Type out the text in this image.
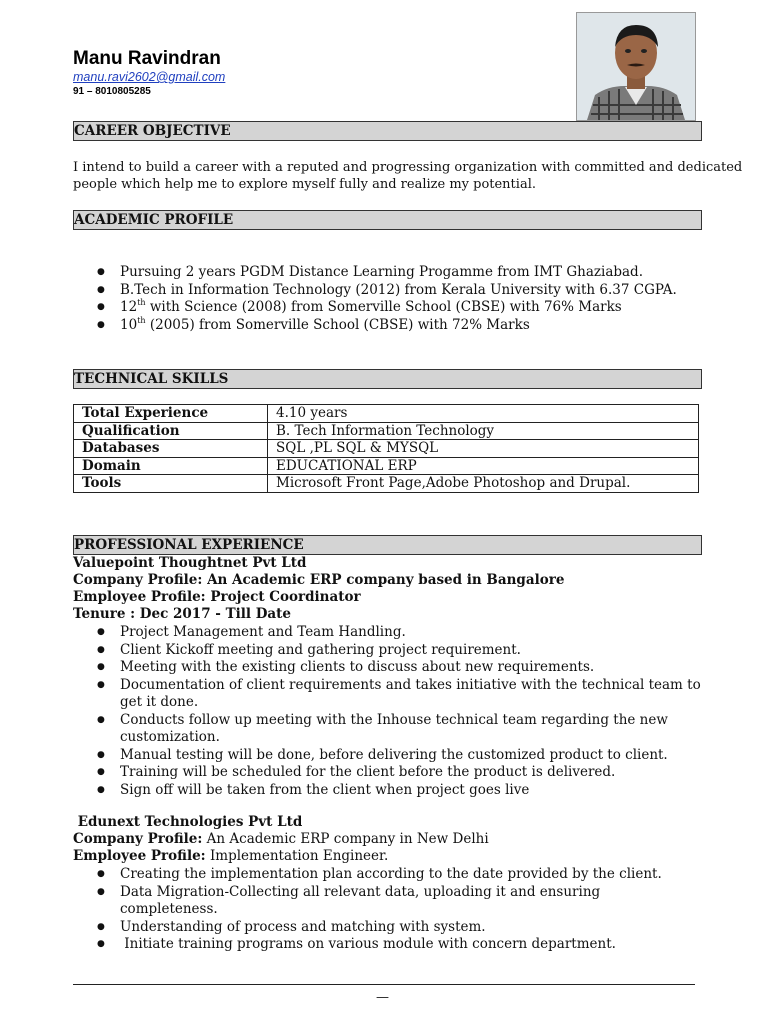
Manu Ravindran
manu.ravi2602@gmail.com
91 – 8010805285
CAREER OBJECTIVE
I intend to build a career with a reputed and progressing organization with committed and dedicated
people which help me to explore myself fully and realize my potential.
ACADEMIC PROFILE
● Pursuing 2 years PGDM Distance Learning Progamme from IMT Ghaziabad.
● B.Tech in Information Technology (2012) from Kerala University with 6.37 CGPA.
● 12th with Science (2008) from Somerville School (CBSE) with 76% Marks
● 10th (2005) from Somerville School (CBSE) with 72% Marks
TECHNICAL SKILLS
Total Experience	4.10 years
Qualification	B. Tech Information Technology
Databases	SQL ,PL SQL & MYSQL
Domain	EDUCATIONAL ERP
Tools	Microsoft Front Page,Adobe Photoshop and Drupal.
PROFESSIONAL EXPERIENCE
Valuepoint Thoughtnet Pvt Ltd
Company Profile: An Academic ERP company based in Bangalore
Employee Profile: Project Coordinator
Tenure : Dec 2017 - Till Date
● Project Management and Team Handling.
● Client Kickoff meeting and gathering project requirement.
● Meeting with the existing clients to discuss about new requirements.
● Documentation of client requirements and takes initiative with the technical team to
get it done.
● Conducts follow up meeting with the Inhouse technical team regarding the new
customization.
● Manual testing will be done, before delivering the customized product to client.
● Training will be scheduled for the client before the product is delivered.
● Sign off will be taken from the client when project goes live
Edunext Technologies Pvt Ltd
Company Profile: An Academic ERP company in New Delhi
Employee Profile: Implementation Engineer.
● Creating the implementation plan according to the date provided by the client.
● Data Migration-Collecting all relevant data, uploading it and ensuring
completeness.
● Understanding of process and matching with system.
●  Initiate training programs on various module with concern department.
—
